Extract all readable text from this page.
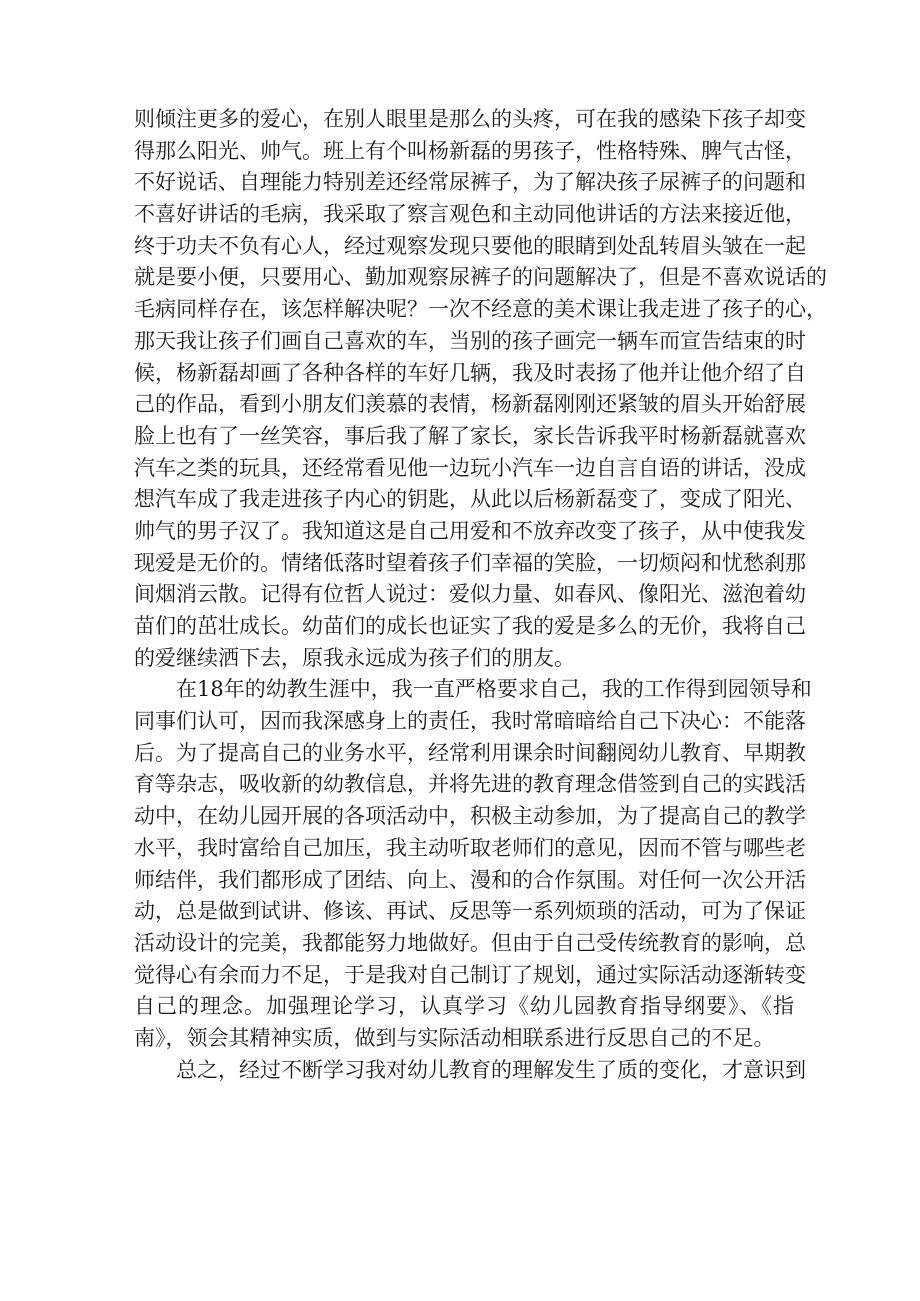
则倾注更多的爱心，在别人眼里是那么的头疼，可在我的感染下孩子却变
得那么阳光、帅气。班上有个叫杨新磊的男孩子，性格特殊、脾气古怪，
不好说话、自理能力特别差还经常尿裤子，为了解决孩子尿裤子的问题和
不喜好讲话的毛病，我采取了察言观色和主动同他讲话的方法来接近他，
终于功夫不负有心人，经过观察发现只要他的眼睛到处乱转眉头皱在一起
就是要小便，只要用心、勤加观察尿裤子的问题解决了，但是不喜欢说话的
毛病同样存在，该怎样解决呢？一次不经意的美术课让我走进了孩子的心，
那天我让孩子们画自己喜欢的车，当别的孩子画完一辆车而宣告结束的时
候，杨新磊却画了各种各样的车好几辆，我及时表扬了他并让他介绍了自
己的作品，看到小朋友们羡慕的表情，杨新磊刚刚还紧皱的眉头开始舒展
脸上也有了一丝笑容，事后我了解了家长，家长告诉我平时杨新磊就喜欢
汽车之类的玩具，还经常看见他一边玩小汽车一边自言自语的讲话，没成
想汽车成了我走进孩子内心的钥匙，从此以后杨新磊变了，变成了阳光、
帅气的男子汉了。我知道这是自己用爱和不放弃改变了孩子，从中使我发
现爱是无价的。情绪低落时望着孩子们幸福的笑脸，一切烦闷和忧愁刹那
间烟消云散。记得有位哲人说过：爱似力量、如春风、像阳光、滋泡着幼
苗们的茁壮成长。幼苗们的成长也证实了我的爱是多么的无价，我将自己
的爱继续洒下去，原我永远成为孩子们的朋友。
在18年的幼教生涯中，我一直严格要求自己，我的工作得到园领导和
同事们认可，因而我深感身上的责任，我时常暗暗给自己下决心：不能落
后。为了提高自己的业务水平，经常利用课余时间翻阅幼儿教育、早期教
育等杂志，吸收新的幼教信息，并将先进的教育理念借签到自己的实践活
动中，在幼儿园开展的各项活动中，积极主动参加，为了提高自己的教学
水平，我时富给自己加压，我主动听取老师们的意见，因而不管与哪些老
师结伴，我们都形成了团结、向上、漫和的合作氛围。对任何一次公开活
动，总是做到试讲、修该、再试、反思等一系列烦琐的活动，可为了保证
活动设计的完美，我都能努力地做好。但由于自己受传统教育的影响，总
觉得心有余而力不足，于是我对自己制订了规划，通过实际活动逐渐转变
自己的理念。加强理论学习，认真学习《幼儿园教育指导纲要》、《指
南》，领会其精神实质，做到与实际活动相联系进行反思自己的不足。
总之，经过不断学习我对幼儿教育的理解发生了质的变化，才意识到
